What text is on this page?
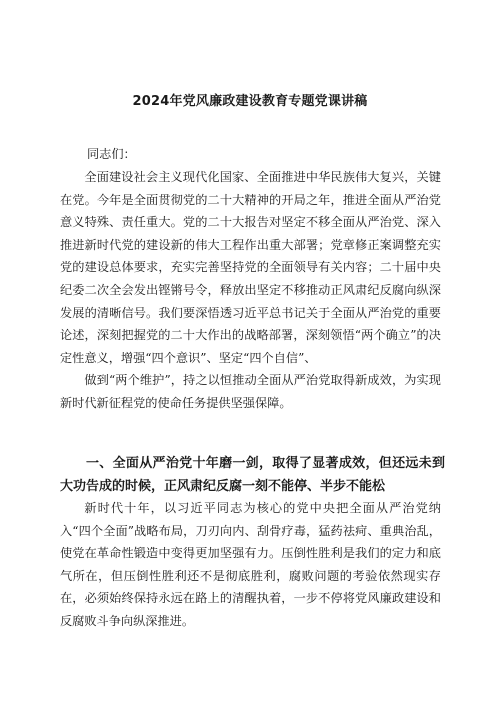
2024年党风廉政建设教育专题党课讲稿
同志们：

全面建设社会主义现代化国家、全面推进中华民族伟大复兴，关键在党。今年是全面贯彻党的二十大精神的开局之年，推进全面从严治党意义特殊、责任重大。党的二十大报告对坚定不移全面从严治党、深入推进新时代党的建设新的伟大工程作出重大部署；党章修正案调整充实党的建设总体要求，充实完善坚持党的全面领导有关内容；二十届中央纪委二次全会发出铿锵号令，释放出坚定不移推动正风肃纪反腐向纵深发展的清晰信号。我们要深悟透习近平总书记关于全面从严治党的重要论述，深刻把握党的二十大作出的战略部署，深刻领悟“两个确立”的决定性意义，增强“四个意识”、坚定“四个自信”、

做到“两个维护”，持之以恒推动全面从严治党取得新成效，为实现新时代新征程党的使命任务提供坚强保障。

一、全面从严治党十年磨一剑，取得了显著成效，但还远未到大功告成的时候，正风肃纪反腐一刻不能停、半步不能松

新时代十年，以习近平同志为核心的党中央把全面从严治党纳入“四个全面”战略布局，刀刃向内、刮骨疗毒，猛药祛疴、重典治乱，使党在革命性锻造中变得更加坚强有力。压倒性胜利是我们的定力和底气所在，但压倒性胜利还不是彻底胜利，腐败问题的考验依然现实存在，必须始终保持永远在路上的清醒执着，一步不停将党风廉政建设和反腐败斗争向纵深推进。
